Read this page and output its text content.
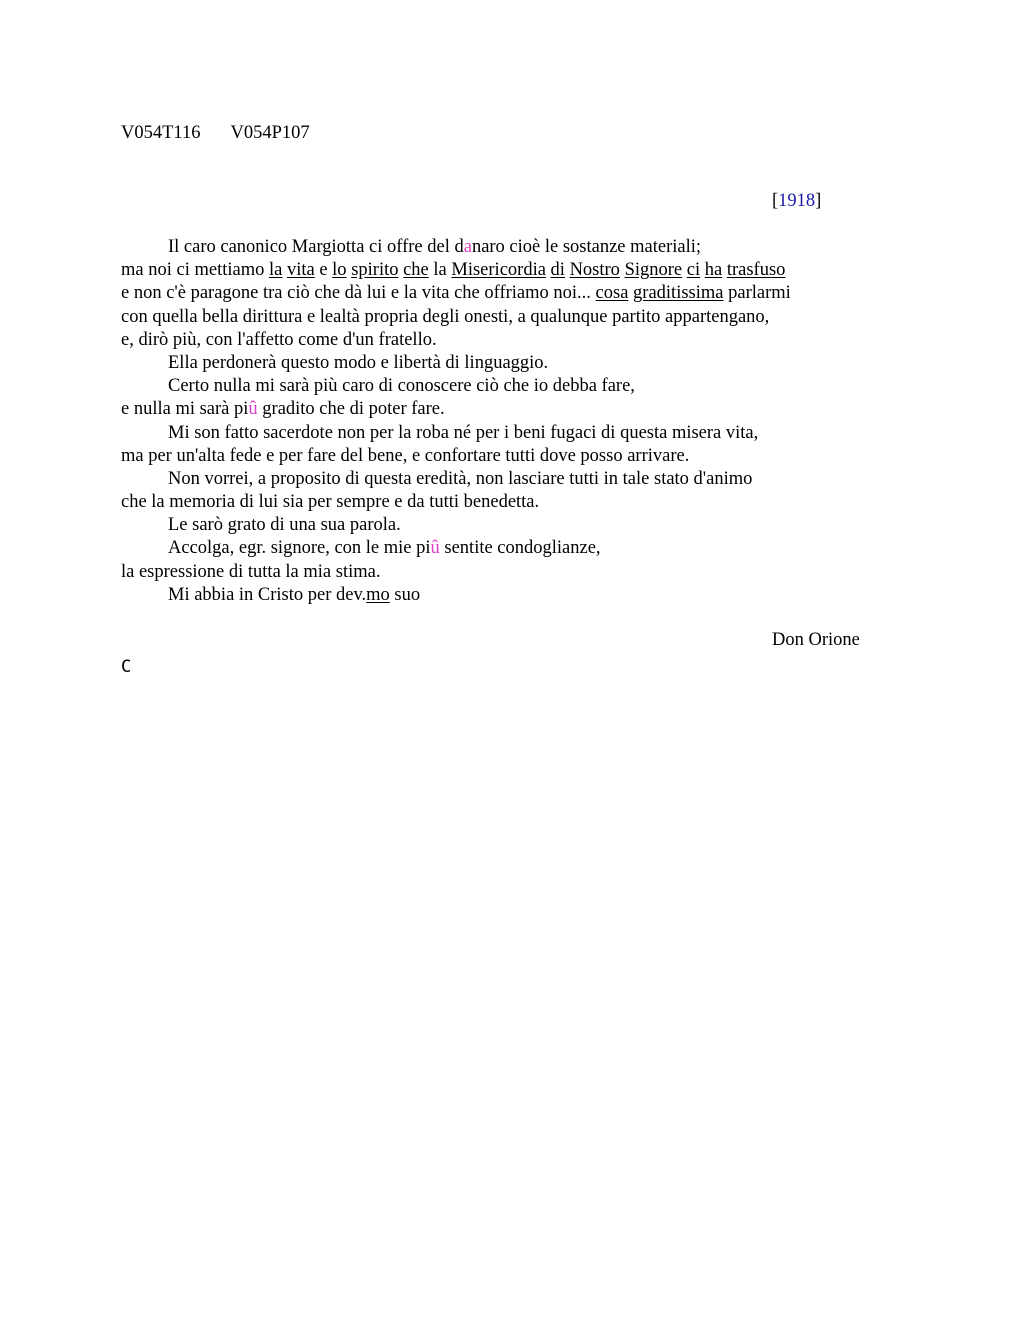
V054T116 V054P107
[1918]
Il caro canonico Margiotta ci offre del danaro cioè le sostanze materiali;
ma noi ci mettiamo la vita e lo spirito che la Misericordia di Nostro Signore ci ha trasfuso
e non c'è paragone tra ciò che dà lui e la vita che offriamo noi... cosa graditissima parlarmi
con quella bella dirittura e lealtà propria degli onesti, a qualunque partito appartengano,
e, dirò più, con l'affetto come d'un fratello.
Ella perdonerà questo modo e libertà di linguaggio.
Certo nulla mi sarà più caro di conoscere ciò che io debba fare,
e nulla mi sarà piû gradito che di poter fare.
Mi son fatto sacerdote non per la roba né per i beni fugaci di questa misera vita,
ma per un'alta fede e per fare del bene, e confortare tutti dove posso arrivare.
Non vorrei, a proposito di questa eredità, non lasciare tutti in tale stato d'animo
che la memoria di lui sia per sempre e da tutti benedetta.
Le sarò grato di una sua parola.
Accolga, egr. signore, con le mie piû sentite condoglianze,
la espressione di tutta la mia stima.
Mi abbia in Cristo per dev.mo suo
Don Orione
C
